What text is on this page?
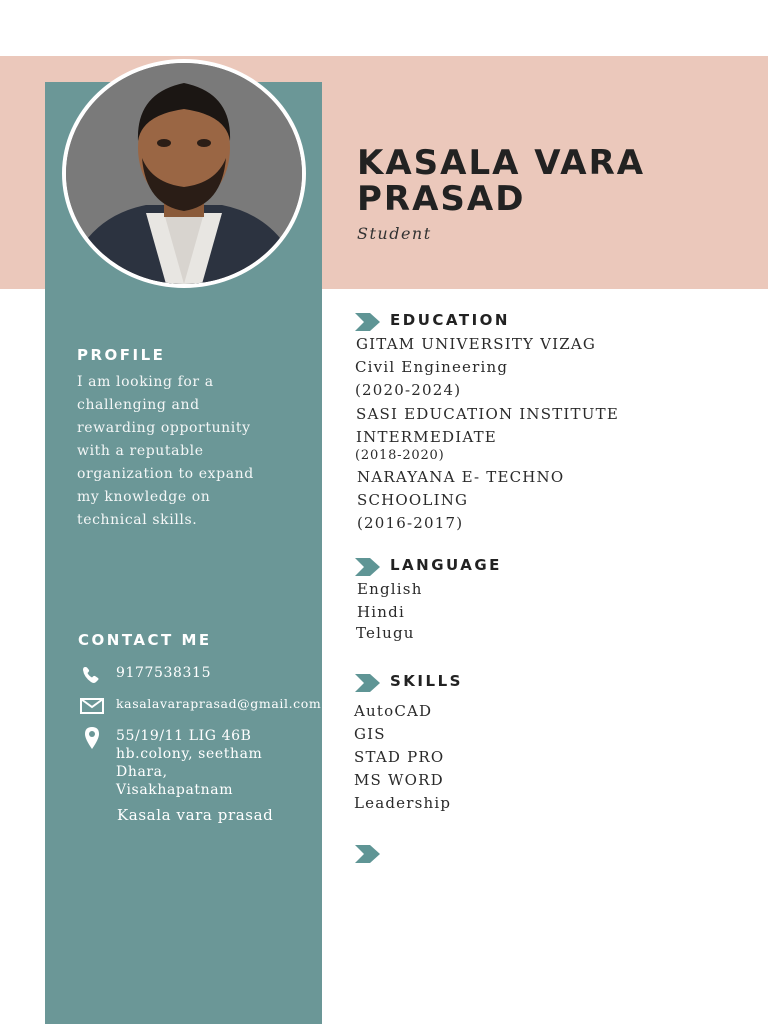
KASALA VARA
PRASAD
Student
PROFILE
I am looking for a
challenging and
rewarding opportunity
with a reputable
organization to expand
my knowledge on
technical skills.
CONTACT ME
9177538315
kasalavaraprasad@gmail.com
55/19/11 LIG 46B
hb.colony, seetham
Dhara,
Visakhapatnam
Kasala vara prasad
EDUCATION
GITAM UNIVERSITY VIZAG
Civil Engineering
(2020-2024)
SASI EDUCATION INSTITUTE
INTERMEDIATE
(2018-2020)
NARAYANA E- TECHNO
SCHOOLING
(2016-2017)
LANGUAGE
English
Hindi
Telugu
SKILLS
AutoCAD
GIS
STAD PRO
MS WORD
Leadership
